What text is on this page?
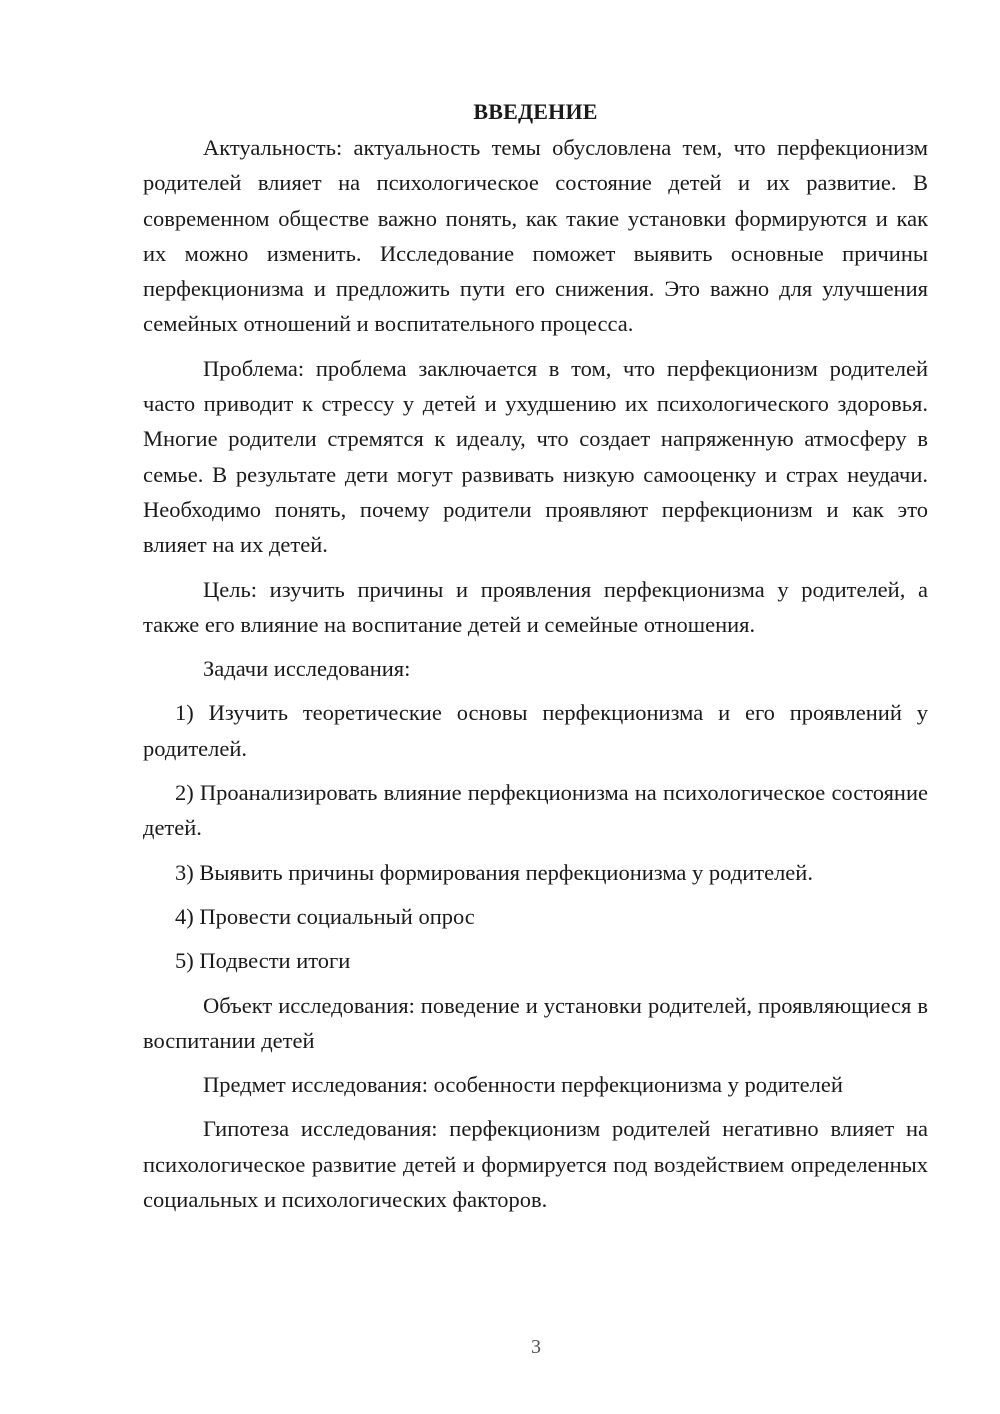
ВВЕДЕНИЕ

Актуальность: актуальность темы обусловлена тем, что перфекционизм родителей влияет на психологическое состояние детей и их развитие. В современном обществе важно понять, как такие установки формируются и как их можно изменить. Исследование поможет выявить основные причины перфекционизма и предложить пути его снижения. Это важно для улучшения семейных отношений и воспитательного процесса.

Проблема: проблема заключается в том, что перфекционизм родителей часто приводит к стрессу у детей и ухудшению их психологического здоровья. Многие родители стремятся к идеалу, что создает напряженную атмосферу в семье. В результате дети могут развивать низкую самооценку и страх неудачи. Необходимо понять, почему родители проявляют перфекционизм и как это влияет на их детей.

Цель: изучить причины и проявления перфекционизма у родителей, а также его влияние на воспитание детей и семейные отношения.

Задачи исследования:

1) Изучить теоретические основы перфекционизма и его проявлений у родителей.

2) Проанализировать влияние перфекционизма на психологическое состояние детей.

3) Выявить причины формирования перфекционизма у родителей.

4) Провести социальный опрос

5) Подвести итоги

Объект исследования: поведение и установки родителей, проявляющиеся в воспитании детей

Предмет исследования: особенности перфекционизма у родителей

Гипотеза исследования: перфекционизм родителей негативно влияет на психологическое развитие детей и формируется под воздействием определенных социальных и психологических факторов.

3
